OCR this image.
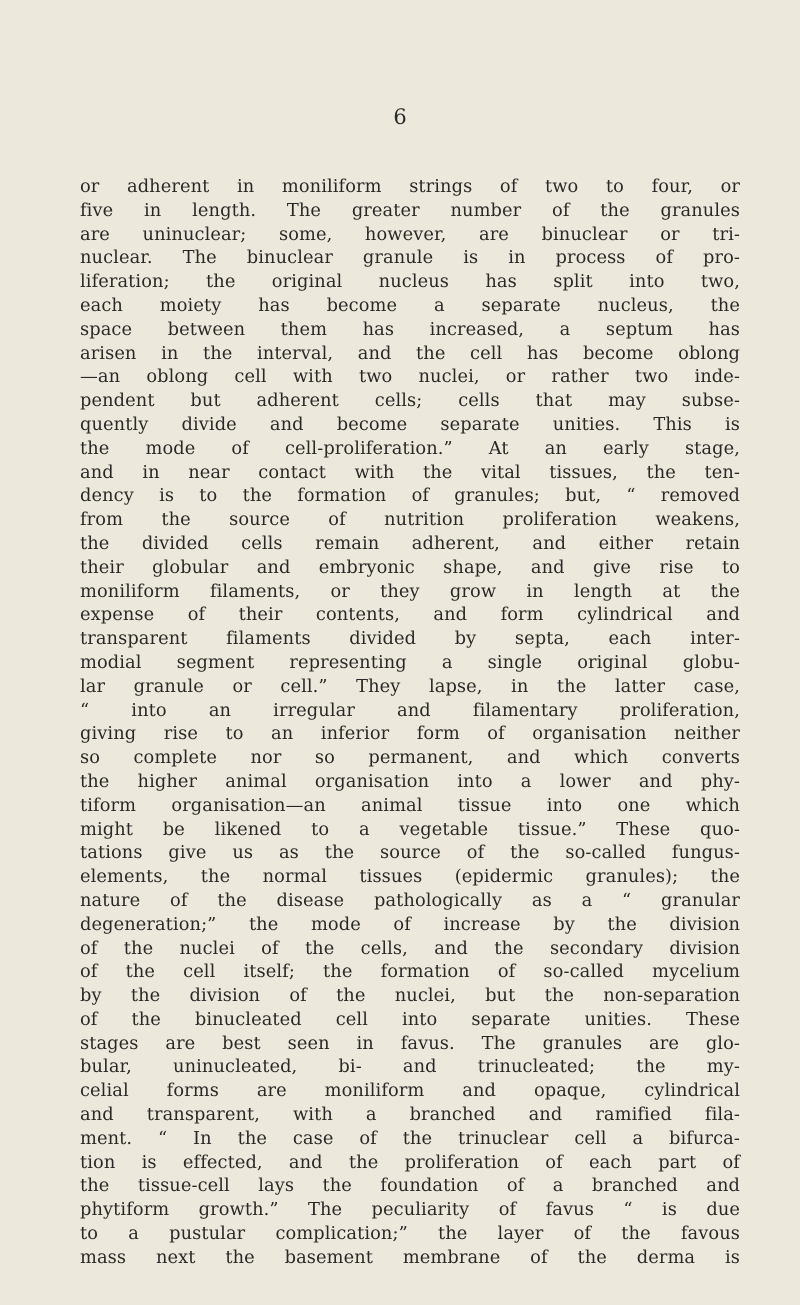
6
or adherent in moniliform strings of two to four, or
five in length. The greater number of the granules
are uninuclear; some, however, are binuclear or tri-
nuclear. The binuclear granule is in process of pro-
liferation; the original nucleus has split into two,
each moiety has become a separate nucleus, the
space between them has increased, a septum has
arisen in the interval, and the cell has become oblong
—an oblong cell with two nuclei, or rather two inde-
pendent but adherent cells; cells that may subse-
quently divide and become separate unities. This is
the mode of cell-proliferation.” At an early stage,
and in near contact with the vital tissues, the ten-
dency is to the formation of granules; but, “ removed
from the source of nutrition proliferation weakens,
the divided cells remain adherent, and either retain
their globular and embryonic shape, and give rise to
moniliform filaments, or they grow in length at the
expense of their contents, and form cylindrical and
transparent filaments divided by septa, each inter-
modial segment representing a single original globu-
lar granule or cell.” They lapse, in the latter case,
“ into an irregular and filamentary proliferation,
giving rise to an inferior form of organisation neither
so complete nor so permanent, and which converts
the higher animal organisation into a lower and phy-
tiform organisation—an animal tissue into one which
might be likened to a vegetable tissue.” These quo-
tations give us as the source of the so-called fungus-
elements, the normal tissues (epidermic granules); the
nature of the disease pathologically as a “ granular
degeneration;” the mode of increase by the division
of the nuclei of the cells, and the secondary division
of the cell itself; the formation of so-called mycelium
by the division of the nuclei, but the non-separation
of the binucleated cell into separate unities. These
stages are best seen in favus. The granules are glo-
bular, uninucleated, bi- and trinucleated; the my-
celial forms are moniliform and opaque, cylindrical
and transparent, with a branched and ramified fila-
ment. “ In the case of the trinuclear cell a bifurca-
tion is effected, and the proliferation of each part of
the tissue-cell lays the foundation of a branched and
phytiform growth.” The peculiarity of favus “ is due
to a pustular complication;” the layer of the favous
mass next the basement membrane of the derma is
